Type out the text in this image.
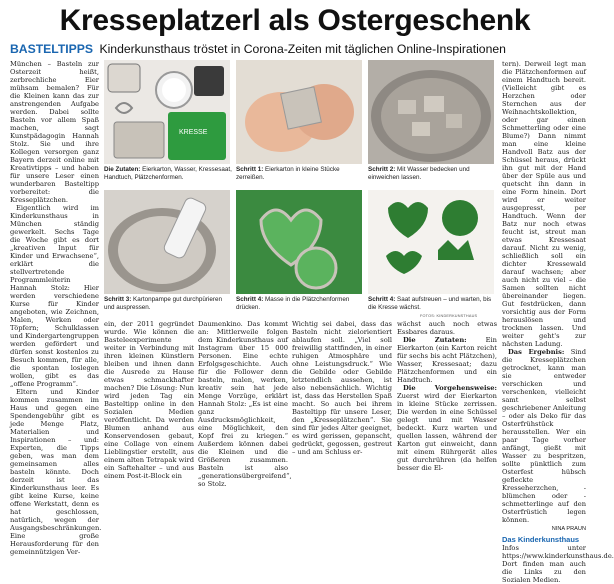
Kresseplatzerl als Ostergeschenk
BASTELTIPPS Kinderkunsthaus tröstet in Corona-Zeiten mit täglichen Online-Inspirationen

München – Basteln zur Osterzeit heißt, zerbrechliche Eier mühsam bemalen? Für die Kleinen kann das zur anstrengenden Aufgabe werden. Dabei sollte Basteln vor allem Spaß machen, sagt Kunstpädagogin Hannah Stolz. Sie und ihre Kollegen versorgen ganz Bayern derzeit online mit Kreativtipps – und haben für unsere Leser einen wunderbaren Basteltipp vorbereitet: die Kresseplätzchen.

Eigentlich wird im Kinderkunsthaus in München ständig gewerkelt. Sechs Tage die Woche gibt es dort „kreativen Input für Kinder und Erwachsene“, erklärt die stellvertretende Programmleiterin Hannah Stolz: Hier werden verschiedene Kurse für Kinder angeboten, wie Zeichnen, Malen, Werken oder Töpfern; Schulklassen und Kindergartengruppen werden gefördert und dürfen sonst kostenlos zu Besuch kommen, für alle, die spontan loslegen wollen, gibt es das „offene Programm“.

Eltern und Kinder kommen zusammen im Haus und gegen eine Spendengebühr gibt es jede Menge Platz, Materialien und Inspirationen – und: Experten, die Tipps geben, was man dem gemeinsamen alles basteln könnte. Doch derzeit ist das Kinderkunsthaus leer. Es gibt keine Kurse, keine offene Werkstatt, denn es hat geschlossen, natürlich, wegen der Ausgangsbeschränkungen. Eine große Herausforderung für den gemeinnützigen Ver-

KRESSE
Die Zutaten: Eierkarton, Wasser, Kressesaat, Handtuch, Plätzchenformen.
Schritt 1: Eierkarton in kleine Stücke zerreißen.
Schritt 2: Mit Wasser bedecken und einweichen lassen.
Schritt 3: Kartonpampe gut durchpürieren und auspressen.
Schritt 4: Masse in die Plätzchenformen drücken.
Schritt 4: Saat aufstreuen – und warten, bis die Kresse wächst.
FOTOS: KINDERKUNSTHAUS

ein, der 2011 gegründet wurde. Wie können die Basteleexperimente weiter in Verbindung mit ihren kleinen Künstlern bleiben und ihnen dann die Ausrede zu Hause etwas schmackhafter machen? Die Lösung: Nun wird jeden Tag ein Basteltipp online in den Sozialen Medien veröffentlicht. Da werden Blumen anhand aus Konservendosen gebaut, eine Collage von einem Lieblingstier erstellt, aus einem alten Tetrapak wird ein Saftehalter – und aus einem Post-it-Block ein

Daumenkino. Das kommt an: Mittlerweile folgen dem Kinderkunsthaus auf Instagram über 15 000 Personen. Eine echte Erfolgsgeschichte. Auch für die Follower denn basteln, malen, werken, kreativ sein hat jede Menge Vorzüge, erklärt Hannah Stolz: „Es ist eine ganz Ausdrucksmöglichkeit, eine Möglichkeit, den Kopf frei zu kriegen.“ Außerdem können dabei die Kleinen und die Größeren zusammen. Basteln ist also „generationsübergreifend“, so Stolz.

Wichtig sei dabei, dass das Basteln nicht zielorientiert ablaufen soll. „Viel soll freiwillig stattfinden, in einer ruhigen Atmosphäre und ohne Leistungsdruck.“ Wie die Gebilde oder Gebilde letztendlich aussehen, ist also nebensächlich. Wichtig ist, dass das Herstellen Spaß macht. So auch bei ihrem Basteltipp für unsere Leser, den „Kresseplätzchen“. Sie sind für jedes Alter geeignet, es wird gerissen, gepanscht, gedrückt, gegossen, gestreut – und am Schluss er-

wächst auch noch etwas Essbares daraus.

Die Zutaten: Ein Eierkarton (ein Karton reicht für sechs bis acht Plätzchen), Wasser, Kressesaat; dazu Plätzchenformen und ein Handtuch.

Die Vorgehensweise: Zuerst wird der Eierkarton in kleine Stücke zerrissen. Die werden in eine Schüssel gelegt und mit Wasser bedeckt. Kurz warten und quellen lassen, während der Karton gut einweicht, dann mit einem Rührgerät alles gut durchrühren (da helfen besser die El-

tern). Derweil legt man die Plätzchenformen auf einem Handtuch bereit. (Vielleicht gibt es Herzchen oder Sternchen aus der Weihnachtskollektion, oder gar einen Schmetterling oder eine Blume?) Dann nimmt man eine kleine Handvoll Batz aus der Schüssel heraus, drückt ihn gut mit der Hand über der Spüle aus und quetscht ihn dann in eine Form hinein. Dort wird er weiter ausgepresst, per Handtuch. Wenn der Batz nur noch etwas feucht ist, streut man etwas Kressesaat darauf. Nicht zu wenig, schließlich soll ein dichter Kressewald darauf wachsen; aber auch nicht zu viel – die Samen sollten nicht übereinander liegen. Gut festdrücken, dann vorsichtig aus der Form herauslösen und trocknen lassen. Und weiter geht's zur nächsten Ladung.

Das Ergebnis: Sind die Kresseplätzchen getrocknet, kann man sie entweder verschicken und verschenken, vielleicht samt selbst geschriebener Anleitung – oder als Deko für das Osterfrühstück herausstellen. Wer ein paar Tage vorher anfängt, gießt mit Wasser zu bespritzen, sollte pünktlich zum Osterfest hübsch gefleckte Kresseherzchen, -blümchen oder -schmetterlinge auf den Osterfrüstich legen können.

NINA PRAUN
Das Kinderkunsthaus

Infos unter https://www.kinderkunsthaus.de. Dort finden man auch die Links zu den Sozialen Medien.
